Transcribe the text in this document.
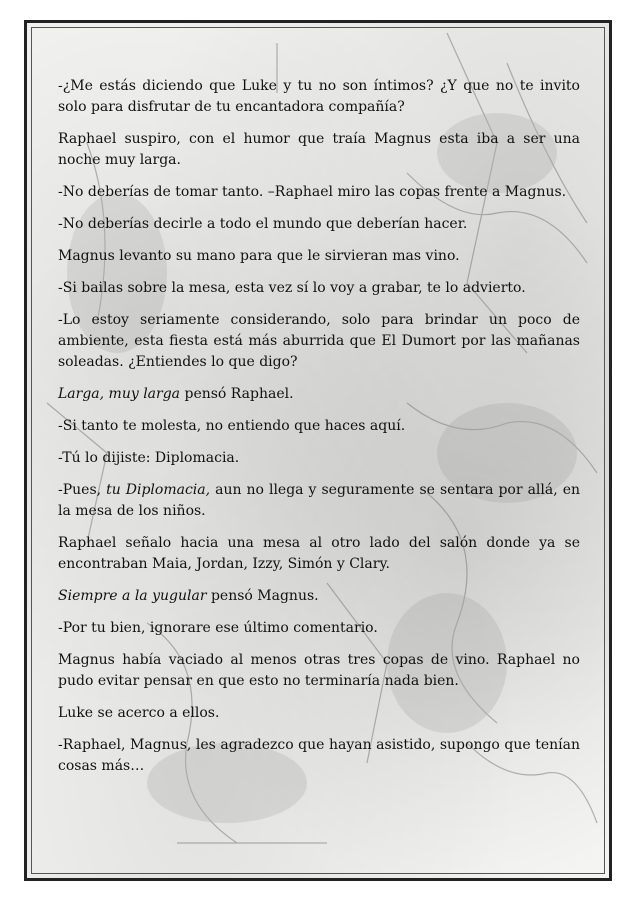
-¿Me estás diciendo que Luke y tu no son íntimos? ¿Y que no te invito solo para disfrutar de tu encantadora compañía?

Raphael suspiro, con el humor que traía Magnus esta iba a ser una noche muy larga.

-No deberías de tomar tanto. –Raphael miro las copas frente a Magnus.

-No deberías decirle a todo el mundo que deberían hacer.

Magnus levanto su mano para que le sirvieran mas vino.

-Si bailas sobre la mesa, esta vez sí lo voy a grabar, te lo advierto.

-Lo estoy seriamente considerando, solo para brindar un poco de ambiente, esta fiesta está más aburrida que El Dumort por las mañanas soleadas. ¿Entiendes lo que digo?

Larga, muy larga pensó Raphael.

-Si tanto te molesta, no entiendo que haces aquí.

-Tú lo dijiste: Diplomacia.

-Pues, tu Diplomacia, aun no llega y seguramente se sentara por allá, en la mesa de los niños.

Raphael señalo hacia una mesa al otro lado del salón donde ya se encontraban Maia, Jordan, Izzy, Simón y Clary.

Siempre a la yugular pensó Magnus.

-Por tu bien, ignorare ese último comentario.

Magnus había vaciado al menos otras tres copas de vino. Raphael no pudo evitar pensar en que esto no terminaría nada bien.

Luke se acerco a ellos.

-Raphael, Magnus, les agradezco que hayan asistido, supongo que tenían cosas más…
